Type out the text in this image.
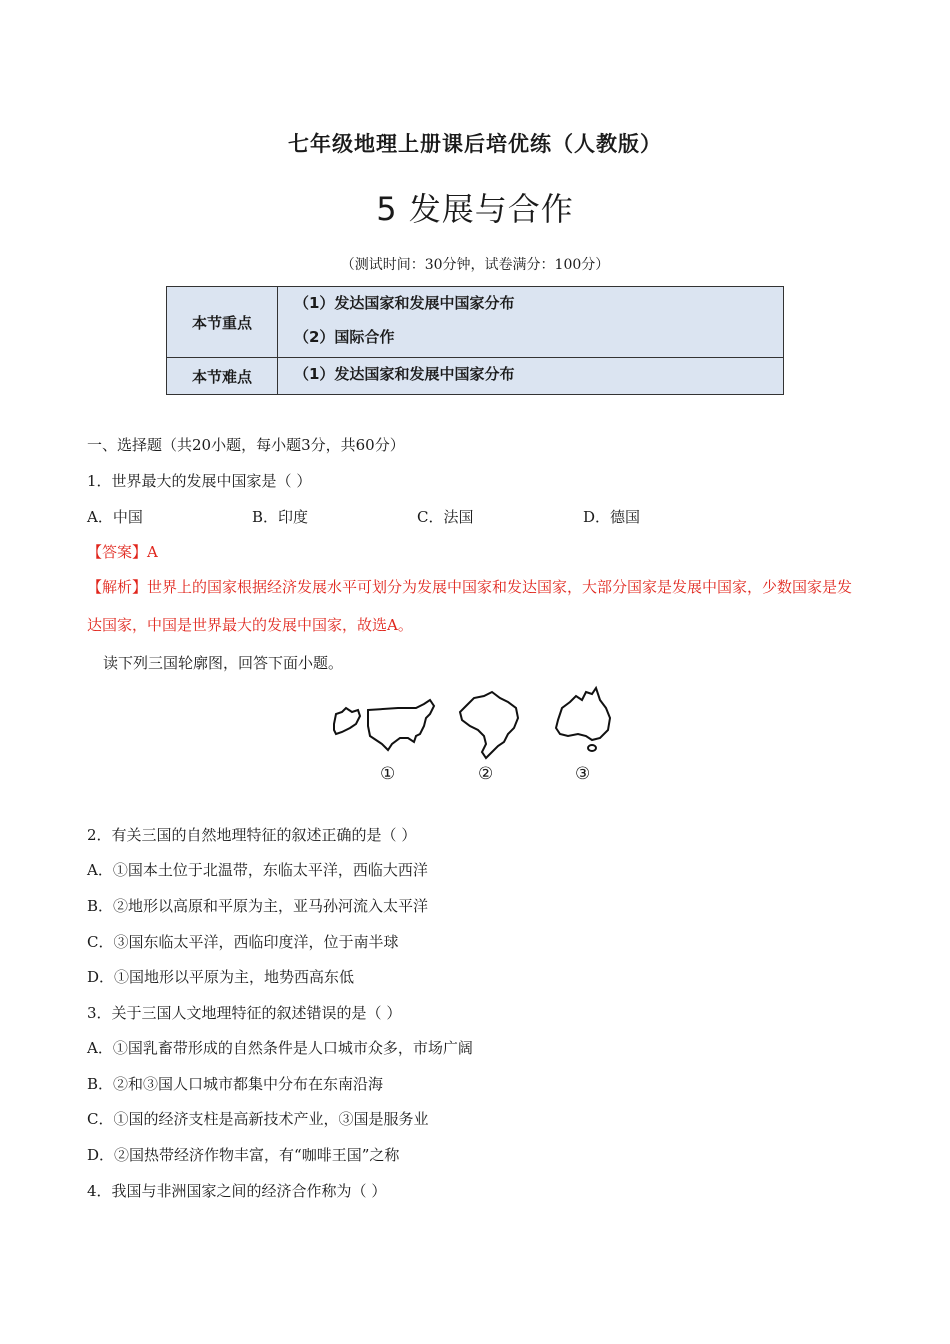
七年级地理上册课后培优练（人教版）
5 发展与合作
（测试时间：30分钟，试卷满分：100分）
本节重点	（1）发达国家和发展中国家分布
（2）国际合作

本节难点	（1）发达国家和发展中国家分布
一、选择题（共20小题，每小题3分，共60分）
1．世界最大的发展中国家是（ ）
A．中国	B．印度	C．法国	D．德国
【答案】A
【解析】世界上的国家根据经济发展水平可划分为发展中国家和发达国家，大部分国家是发展中国家，少数国家是发达国家，中国是世界最大的发展中国家，故选A。
读下列三国轮廓图，回答下面小题。
①	②	③
2．有关三国的自然地理特征的叙述正确的是（ ）
A．①国本土位于北温带，东临太平洋，西临大西洋
B．②地形以高原和平原为主，亚马孙河流入太平洋
C．③国东临太平洋，西临印度洋，位于南半球
D．①国地形以平原为主，地势西高东低
3．关于三国人文地理特征的叙述错误的是（ ）
A．①国乳畜带形成的自然条件是人口城市众多，市场广阔
B．②和③国人口城市都集中分布在东南沿海
C．①国的经济支柱是高新技术产业，③国是服务业
D．②国热带经济作物丰富，有“咖啡王国”之称
4．我国与非洲国家之间的经济合作称为（ ）
